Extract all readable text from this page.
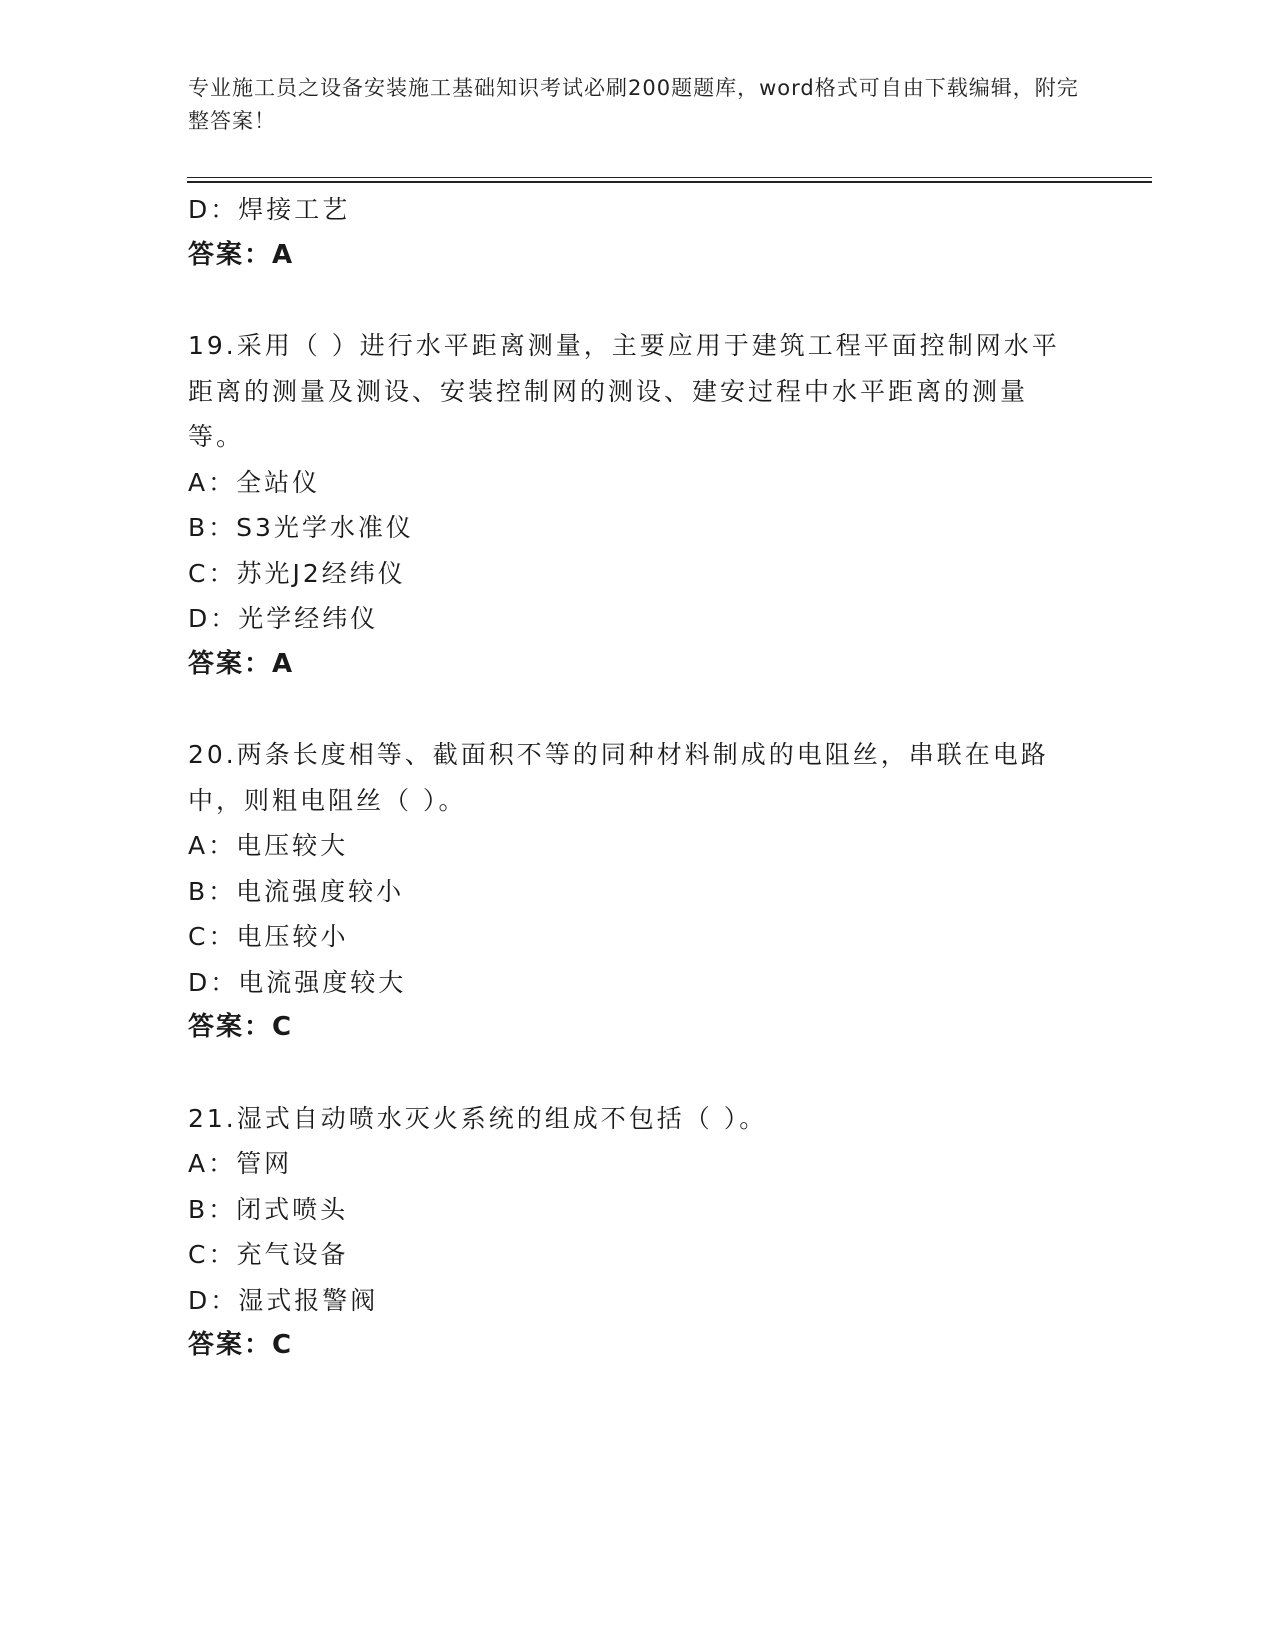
专业施工员之设备安装施工基础知识考试必刷200题题库，word格式可自由下载编辑，附完整答案！
D：焊接工艺
答案：A
19.采用（ ）进行水平距离测量，主要应用于建筑工程平面控制网水平距离的测量及测设、安装控制网的测设、建安过程中水平距离的测量等。
A：全站仪
B：S3光学水准仪
C：苏光J2经纬仪
D：光学经纬仪
答案：A
20.两条长度相等、截面积不等的同种材料制成的电阻丝，串联在电路中，则粗电阻丝（ ）。
A：电压较大
B：电流强度较小
C：电压较小
D：电流强度较大
答案：C
21.湿式自动喷水灭火系统的组成不包括（ ）。
A：管网
B：闭式喷头
C：充气设备
D：湿式报警阀
答案：C
